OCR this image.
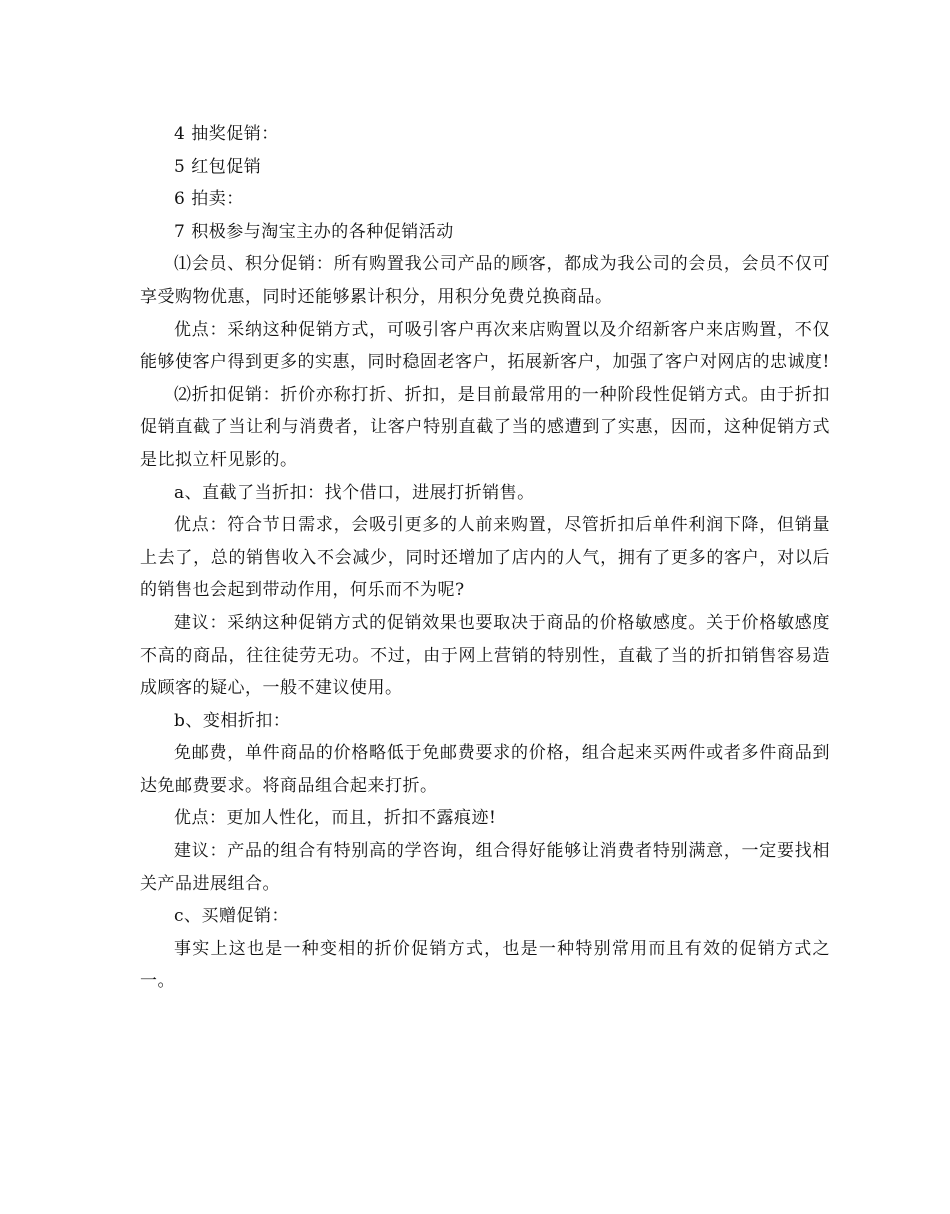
4 抽奖促销：

5 红包促销

6 拍卖：

7 积极参与淘宝主办的各种促销活动

⑴会员、积分促销：所有购置我公司产品的顾客，都成为我公司的会员，会员不仅可享受购物优惠，同时还能够累计积分，用积分免费兑换商品。

优点：采纳这种促销方式，可吸引客户再次来店购置以及介绍新客户来店购置，不仅能够使客户得到更多的实惠，同时稳固老客户，拓展新客户，加强了客户对网店的忠诚度!

⑵折扣促销：折价亦称打折、折扣，是目前最常用的一种阶段性促销方式。由于折扣促销直截了当让利与消费者，让客户特别直截了当的感遭到了实惠，因而，这种促销方式是比拟立杆见影的。

a、直截了当折扣：找个借口，进展打折销售。

优点：符合节日需求，会吸引更多的人前来购置，尽管折扣后单件利润下降，但销量上去了，总的销售收入不会减少，同时还增加了店内的人气，拥有了更多的客户，对以后的销售也会起到带动作用，何乐而不为呢?

建议：采纳这种促销方式的促销效果也要取决于商品的价格敏感度。关于价格敏感度不高的商品，往往徒劳无功。不过，由于网上营销的特别性，直截了当的折扣销售容易造成顾客的疑心，一般不建议使用。

b、变相折扣：

免邮费，单件商品的价格略低于免邮费要求的价格，组合起来买两件或者多件商品到达免邮费要求。将商品组合起来打折。

优点：更加人性化，而且，折扣不露痕迹!

建议：产品的组合有特别高的学咨询，组合得好能够让消费者特别满意，一定要找相关产品进展组合。

c、买赠促销：

事实上这也是一种变相的折价促销方式，也是一种特别常用而且有效的促销方式之一。
